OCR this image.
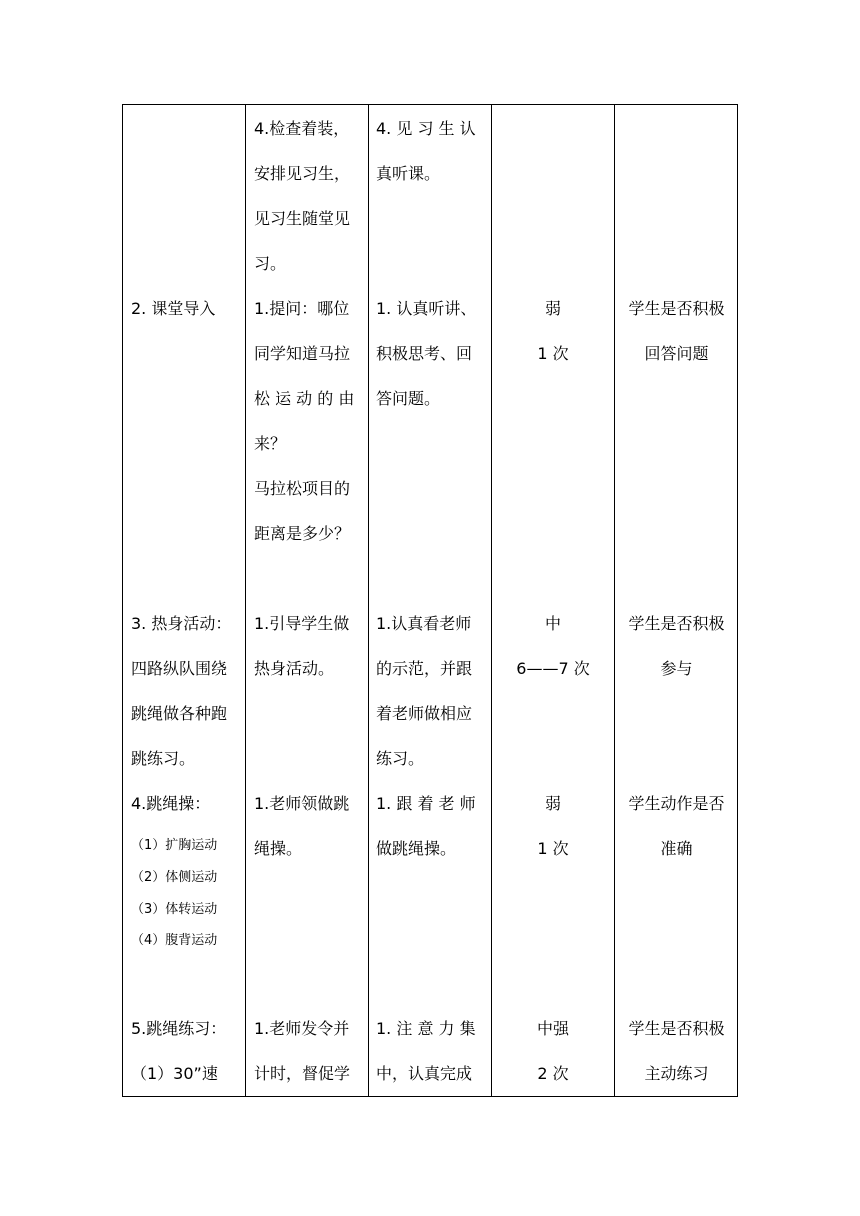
4.检查着装，
安排见习生，
见习生随堂见
习。
4. 见 习 生 认
真听课。
2. 课堂导入 1.提问：哪位
同学知道马拉
松 运 动 的 由
来？
马拉松项目的
距离是多少？
1. 认真听讲、
积极思考、回
答问题。
弱
1 次
学生是否积极
回答问题
3. 热身活动：
四路纵队围绕
跳绳做各种跑
跳练习。
1.引导学生做
热身活动。
1.认真看老师
的示范，并跟
着老师做相应
练习。
中
6——7 次
学生是否积极
参与
4.跳绳操：
（1）扩胸运动
（2）体侧运动
（3）体转运动
（4）腹背运动
1.老师领做跳
绳操。
1. 跟 着 老 师
做跳绳操。
弱
1 次
学生动作是否
准确
5.跳绳练习：
（1）30”速
1.老师发令并
计时，督促学
1. 注 意 力 集
中，认真完成
中强
2 次
学生是否积极
主动练习
